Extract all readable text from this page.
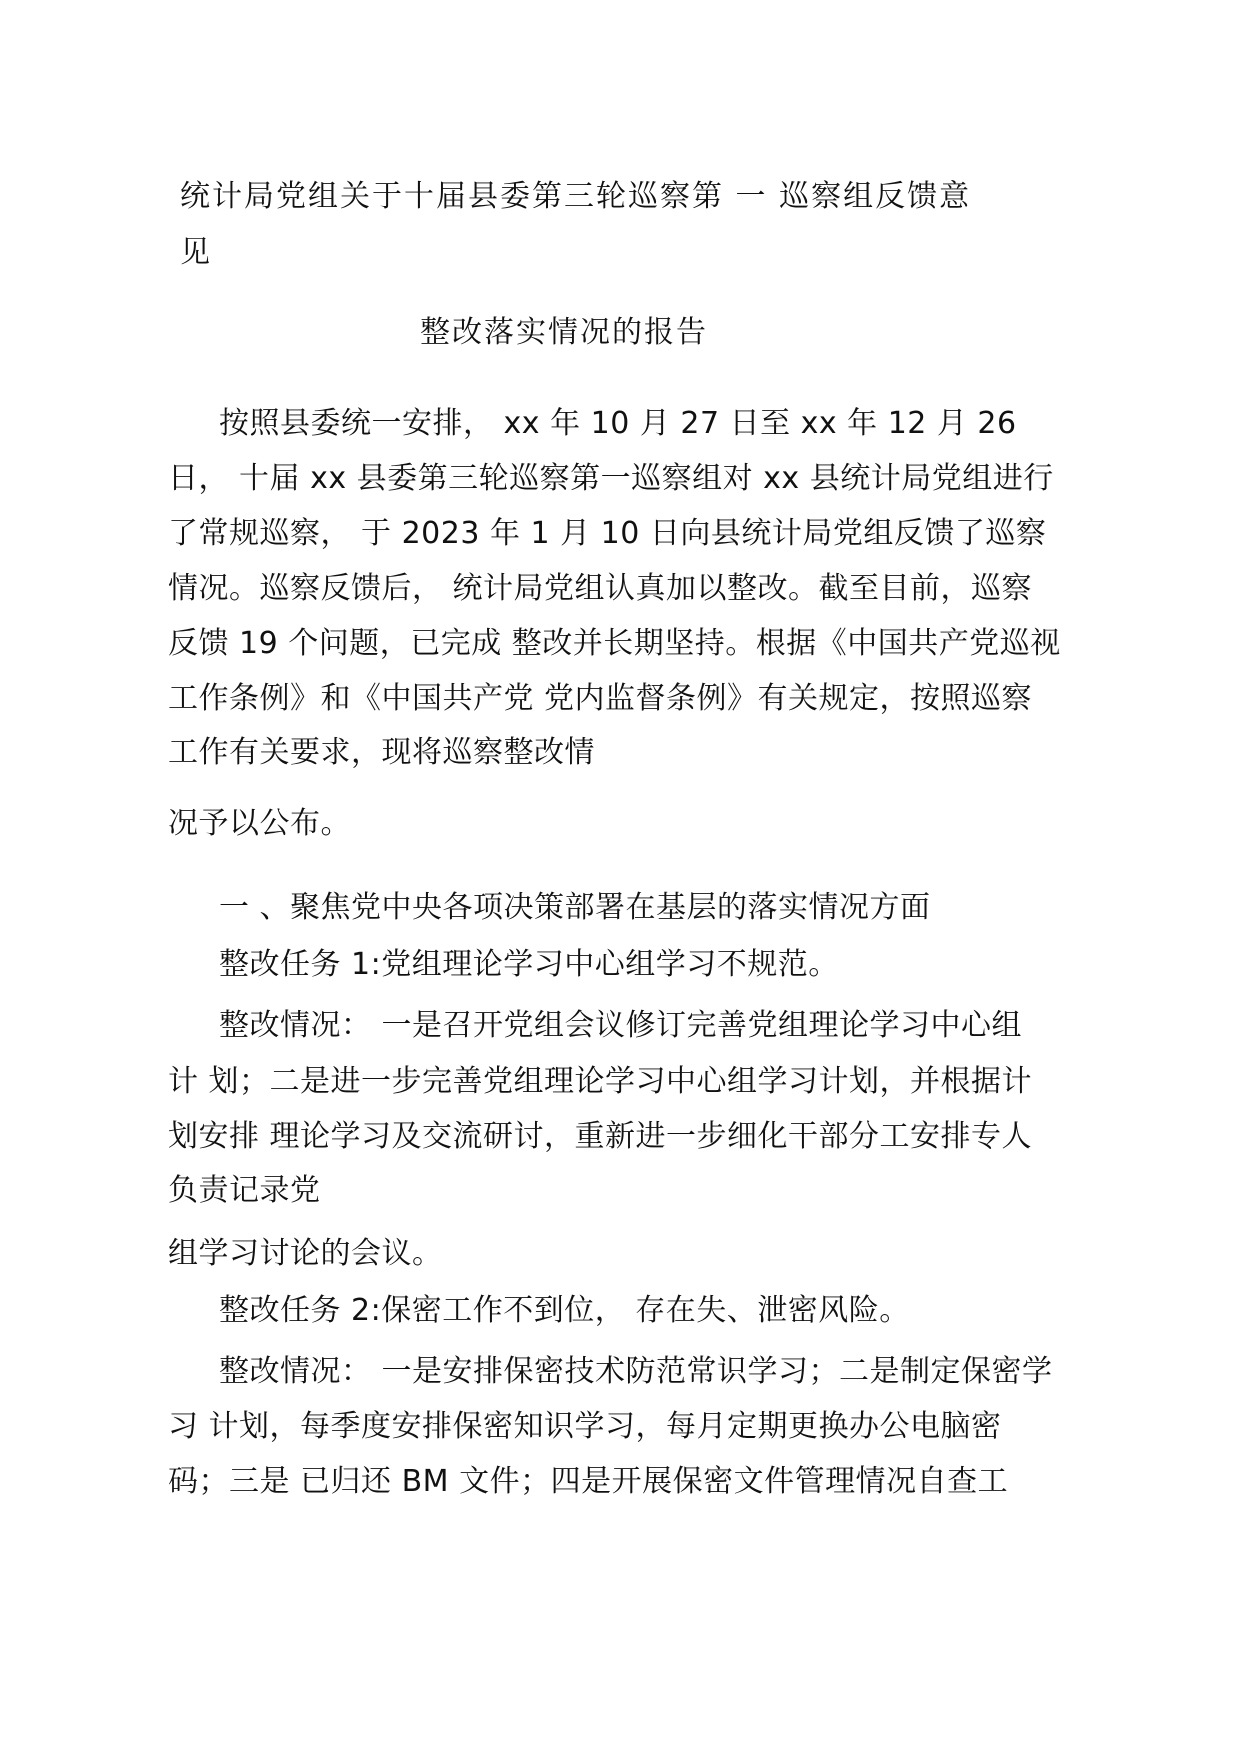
统计局党组关于十届县委第三轮巡察第 一 巡察组反馈意

见

整改落实情况的报告

按照县委统一安排， xx 年 10 月 27 日至 xx 年 12 月 26

日， 十届 xx 县委第三轮巡察第一巡察组对 xx 县统计局党组进行

了常规巡察， 于 2023 年 1 月 10 日向县统计局党组反馈了巡察

情况。巡察反馈后， 统计局党组认真加以整改。截至目前，巡察

反馈 19 个问题，已完成 整改并长期坚持。根据《中国共产党巡视

工作条例》和《中国共产党 党内监督条例》有关规定，按照巡察

工作有关要求，现将巡察整改情

况予以公布。

一 、聚焦党中央各项决策部署在基层的落实情况方面

整改任务 1:党组理论学习中心组学习不规范。

整改情况： 一是召开党组会议修订完善党组理论学习中心组

计 划；二是进一步完善党组理论学习中心组学习计划，并根据计

划安排 理论学习及交流研讨，重新进一步细化干部分工安排专人

负责记录党

组学习讨论的会议。

整改任务 2:保密工作不到位， 存在失、泄密风险。

整改情况： 一是安排保密技术防范常识学习；二是制定保密学

习 计划，每季度安排保密知识学习，每月定期更换办公电脑密

码；三是 已归还 BM 文件；四是开展保密文件管理情况自查工
